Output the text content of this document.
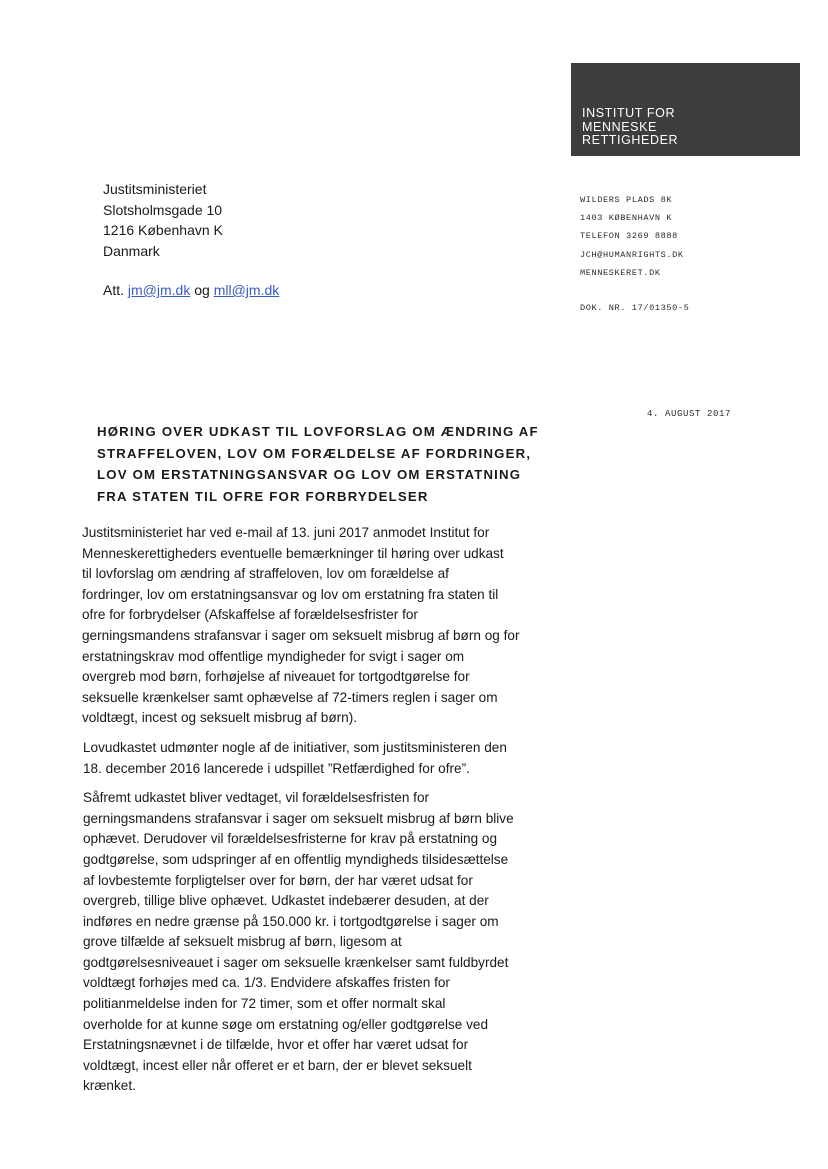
INSTITUT FOR
MENNESKE
RETTIGHEDER
Justitsministeriet
Slotsholmsgade 10
1216 København K
Danmark
Att. jm@jm.dk og mll@jm.dk
WILDERS PLADS 8K
1403 KØBENHAVN K
TELEFON 3269 8888
JCH@HUMANRIGHTS.DK
MENNESKERET.DK
DOK. NR. 17/01350-5
4. AUGUST 2017
HØRING OVER UDKAST TIL LOVFORSLAG OM ÆNDRING AF
STRAFFELOVEN, LOV OM FORÆLDELSE AF FORDRINGER,
LOV OM ERSTATNINGSANSVAR OG LOV OM ERSTATNING
FRA STATEN TIL OFRE FOR FORBRYDELSER
Justitsministeriet har ved e-mail af 13. juni 2017 anmodet Institut for
Menneskerettigheders eventuelle bemærkninger til høring over udkast
til lovforslag om ændring af straffeloven, lov om forældelse af
fordringer, lov om erstatningsansvar og lov om erstatning fra staten til
ofre for forbrydelser (Afskaffelse af forældelsesfrister for
gerningsmandens strafansvar i sager om seksuelt misbrug af børn og for
erstatningskrav mod offentlige myndigheder for svigt i sager om
overgreb mod børn, forhøjelse af niveauet for tortgodtgørelse for
seksuelle krænkelser samt ophævelse af 72-timers reglen i sager om
voldtægt, incest og seksuelt misbrug af børn).
Lovudkastet udmønter nogle af de initiativer, som justitsministeren den
18. december 2016 lancerede i udspillet ”Retfærdighed for ofre”.
Såfremt udkastet bliver vedtaget, vil forældelsesfristen for
gerningsmandens strafansvar i sager om seksuelt misbrug af børn blive
ophævet. Derudover vil forældelsesfristerne for krav på erstatning og
godtgørelse, som udspringer af en offentlig myndigheds tilsidesættelse
af lovbestemte forpligtelser over for børn, der har været udsat for
overgreb, tillige blive ophævet. Udkastet indebærer desuden, at der
indføres en nedre grænse på 150.000 kr. i tortgodtgørelse i sager om
grove tilfælde af seksuelt misbrug af børn, ligesom at
godtgørelsesniveauet i sager om seksuelle krænkelser samt fuldbyrdet
voldtægt forhøjes med ca. 1/3. Endvidere afskaffes fristen for
politianmeldelse inden for 72 timer, som et offer normalt skal
overholde for at kunne søge om erstatning og/eller godtgørelse ved
Erstatningsnævnet i de tilfælde, hvor et offer har været udsat for
voldtægt, incest eller når offeret er et barn, der er blevet seksuelt
krænket.
